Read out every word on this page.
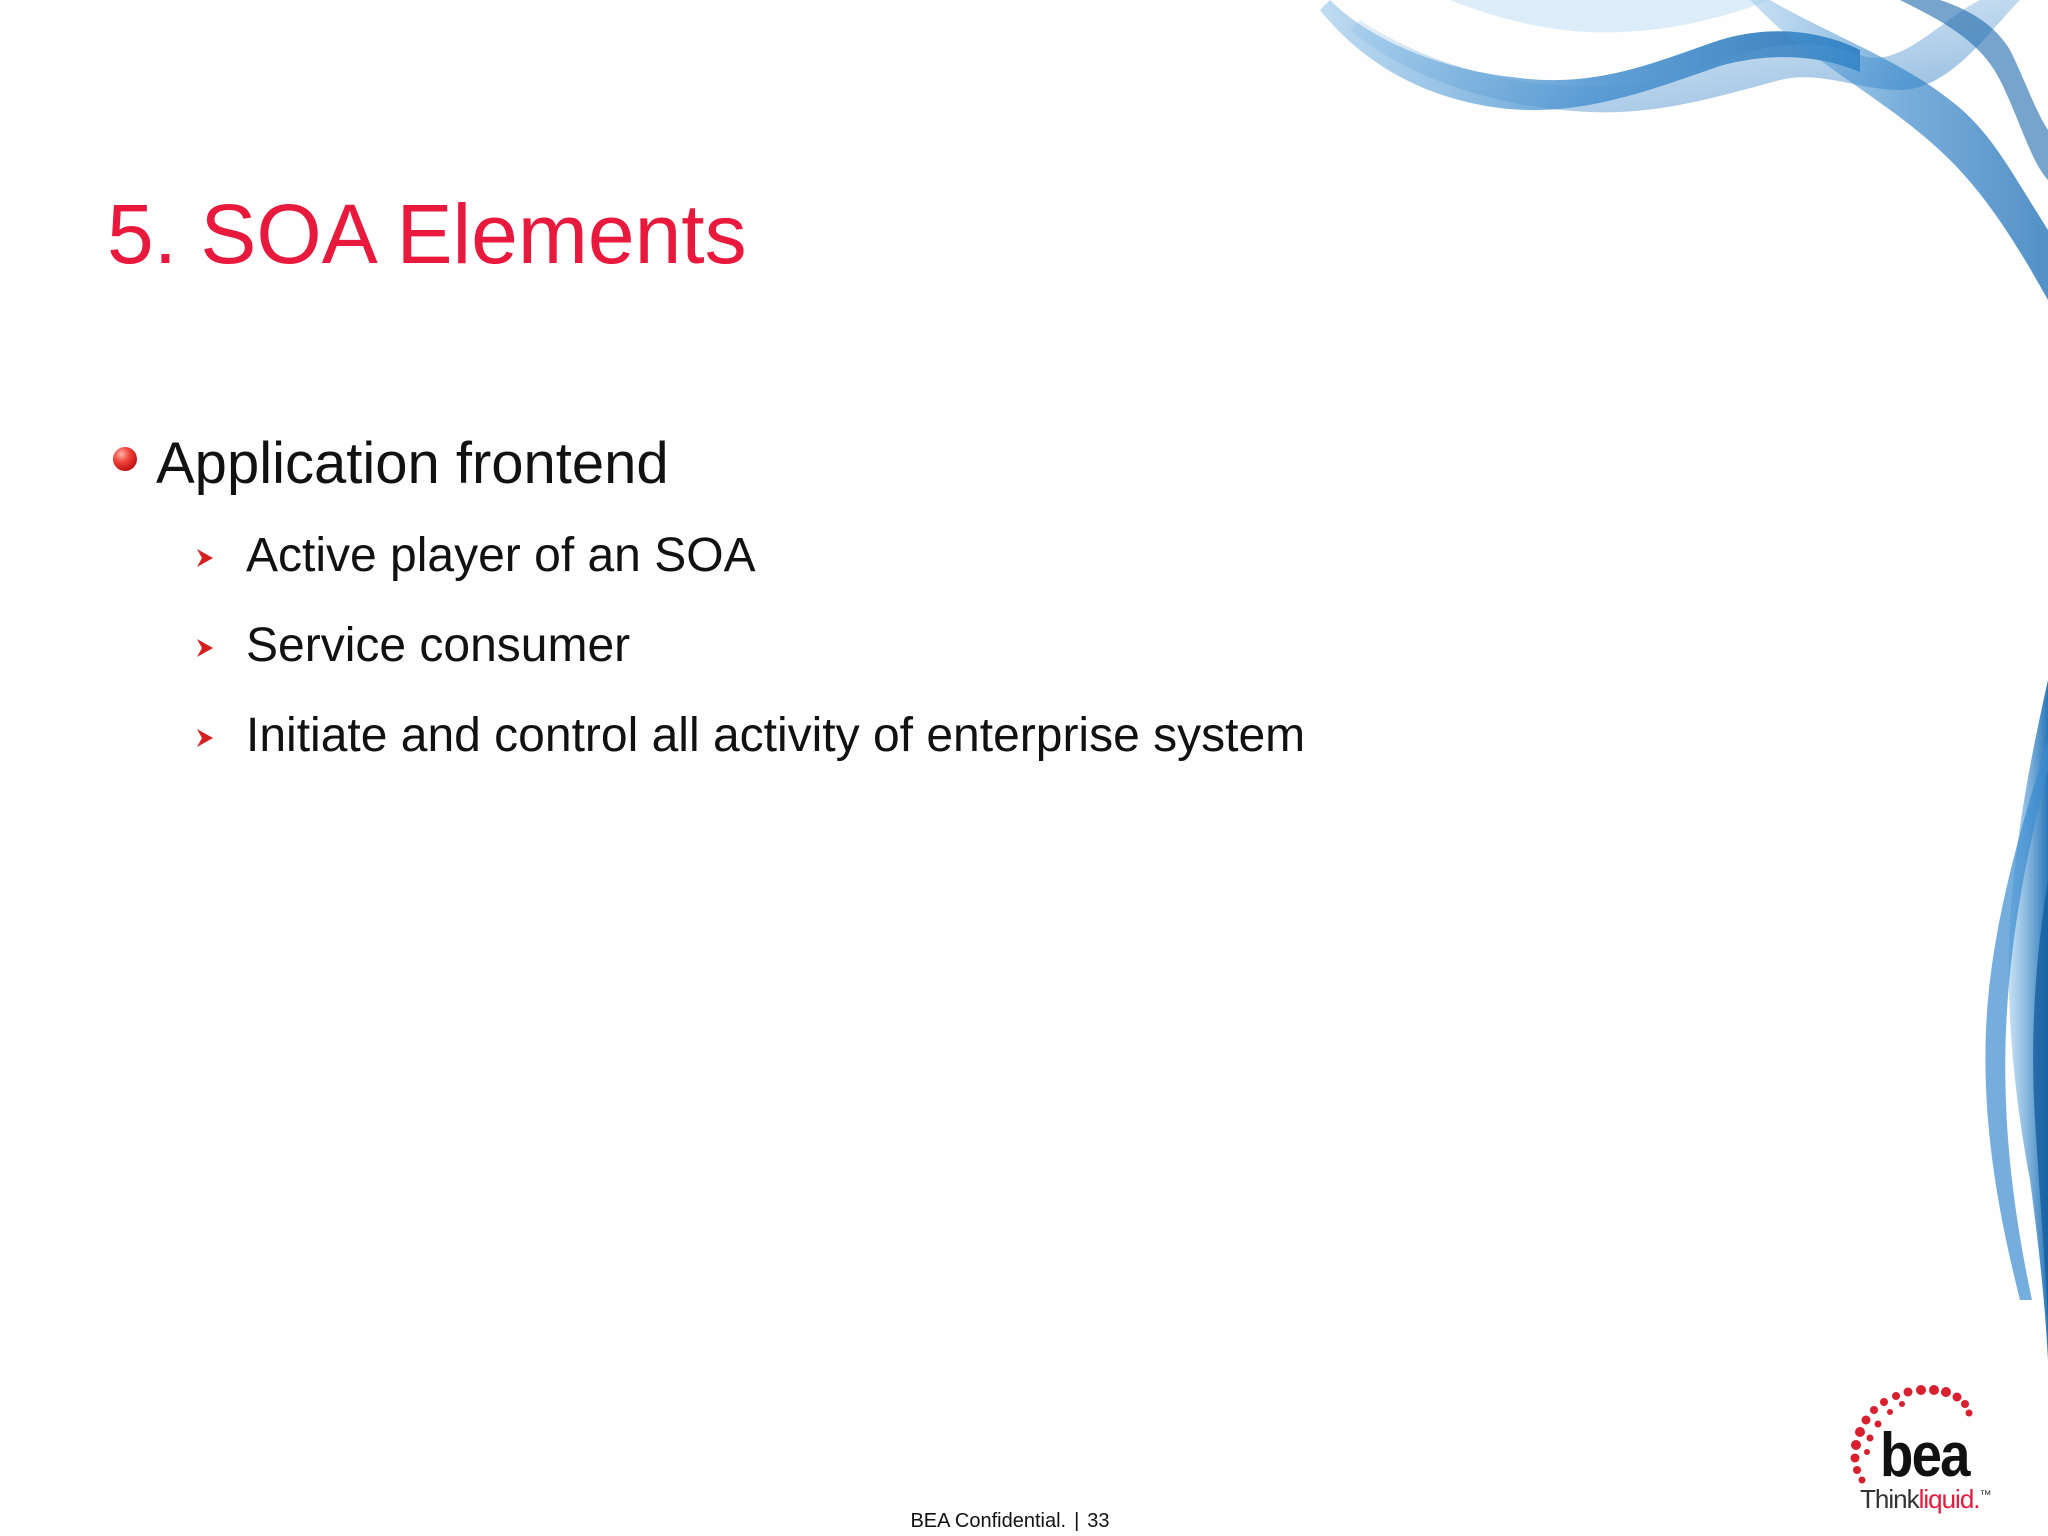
5. SOA Elements
Application frontend
Active player of an SOA
Service consumer
Initiate and control all activity of enterprise system
bea
Thinkliquid.™
BEA Confidential. | 33
